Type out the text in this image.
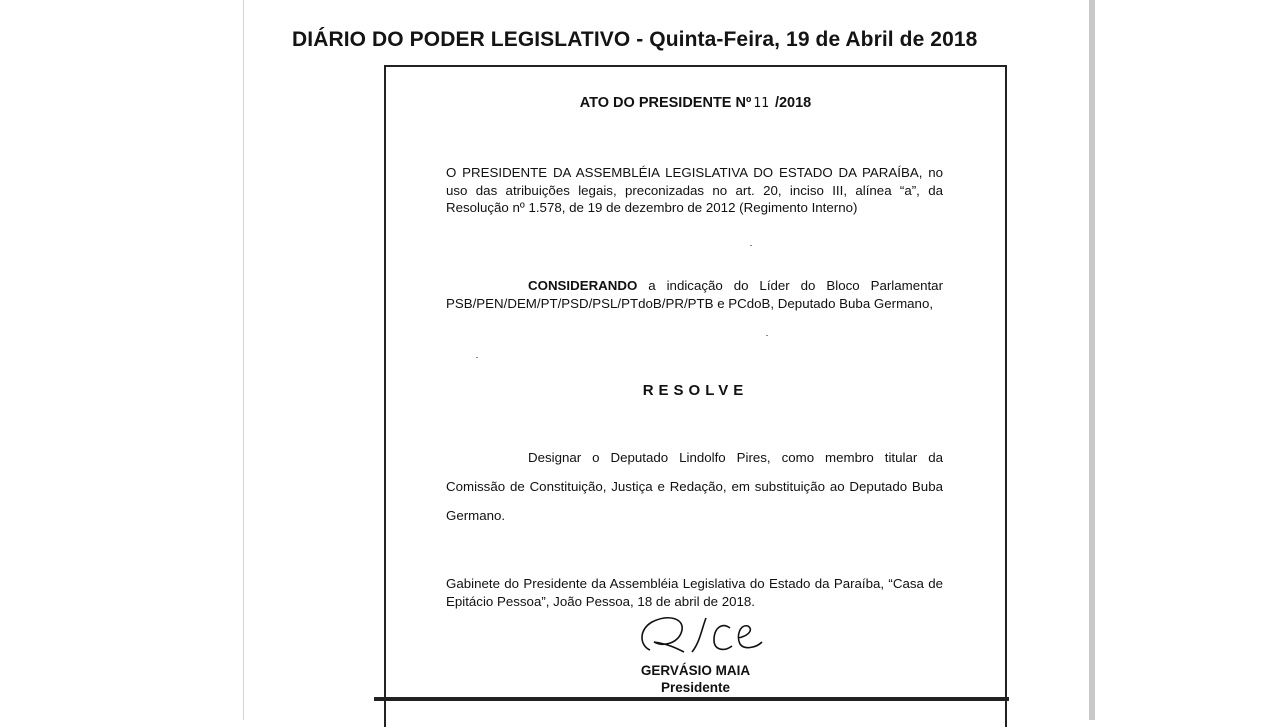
DIÁRIO DO PODER LEGISLATIVO - Quinta-Feira, 19 de Abril de 2018
ATO DO PRESIDENTE Nº 11 /2018
O PRESIDENTE DA ASSEMBLÉIA LEGISLATIVA DO ESTADO DA PARAÍBA, no uso das atribuições legais, preconizadas no art. 20, inciso III, alínea “a”, da Resolução nº 1.578, de 19 de dezembro de 2012 (Regimento Interno)
CONSIDERANDO a indicação do Líder do Bloco Parlamentar PSB/PEN/DEM/PT/PSD/PSL/PTdoB/PR/PTB e PCdoB, Deputado Buba Germano,
RESOLVE
Designar o Deputado Lindolfo Pires, como membro titular da Comissão de Constituição, Justiça e Redação, em substituição ao Deputado Buba Germano.
Gabinete do Presidente da Assembléia Legislativa do Estado da Paraíba, “Casa de Epitácio Pessoa”, João Pessoa, 18 de abril de 2018.
GERVÁSIO MAIA
Presidente
